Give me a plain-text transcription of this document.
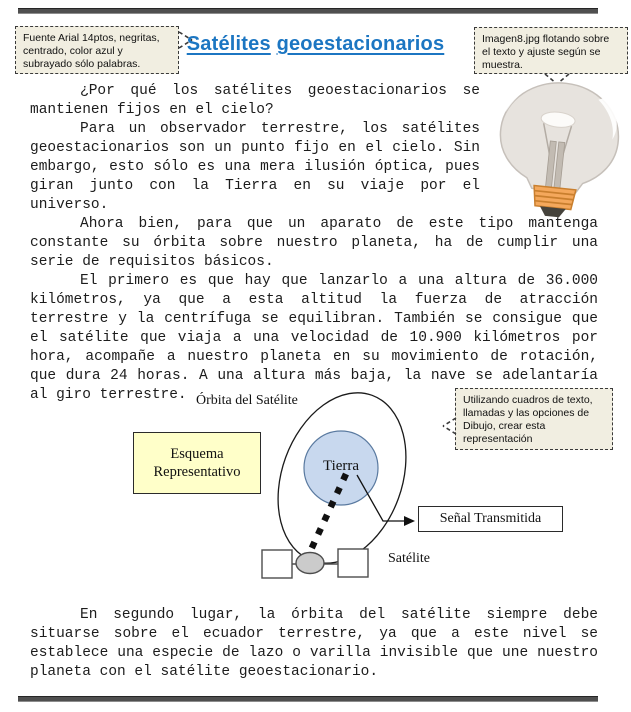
Fuente Arial 14ptos, negritas, centrado, color azul y subrayado sólo palabras.
Satélites geoestacionarios	Imagen8.jpg flotando sobre el texto y ajuste según se muestra.

¿Por qué los satélites geoestacionarios se mantienen fijos en el cielo?

Para un observador terrestre, los satélites geoestacionarios son un punto fijo en el cielo. Sin embargo, esto sólo es una mera ilusión óptica, pues giran junto con la Tierra en su viaje por el universo.

Ahora bien, para que un aparato de este tipo mantenga constante su órbita sobre nuestro planeta, ha de cumplir una serie de requisitos básicos.

El primero es que hay que lanzarlo a una altura de 36.000 kilómetros, ya que a esta altitud la fuerza de atracción terrestre y la centrífuga se equilibran. También se consigue que el satélite que viaja a una velocidad de 10.900 kilómetros por hora, acompañe a nuestro planeta en su movimiento de rotación, que dura 24 horas. A una altura más baja, la nave se adelantaría al giro terrestre. Órbita del Satélite
Esquema Representativo	Tierra
Señal Transmitida
Satélite
Utilizando cuadros de texto, llamadas y las opciones de Dibujo, crear esta representación

En segundo lugar, la órbita del satélite siempre debe situarse sobre el ecuador terrestre, ya que a este nivel se establece una especie de lazo o varilla invisible que une nuestro planeta con el satélite geoestacionario.
